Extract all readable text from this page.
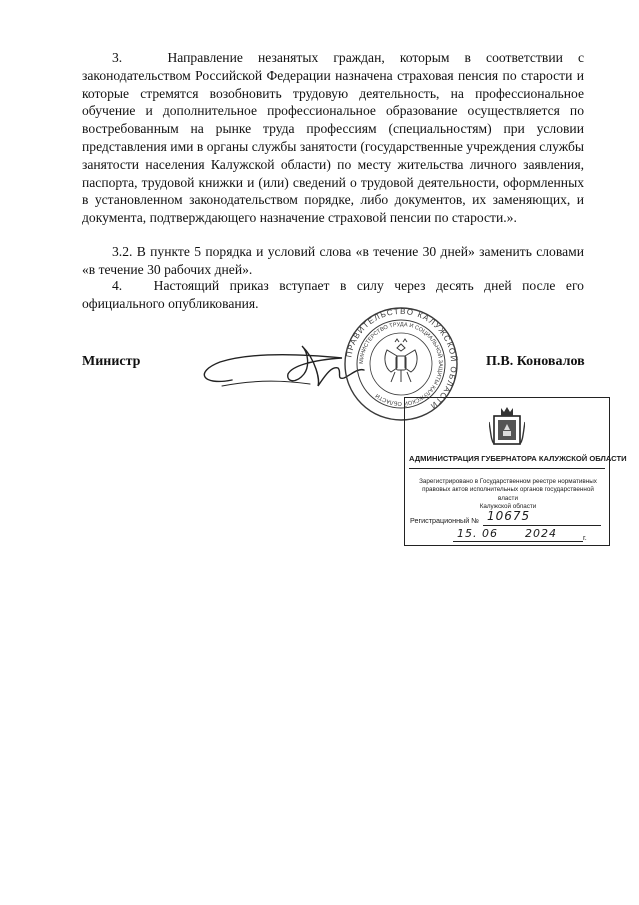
3.	Направление незанятых граждан, которым в соответствии с законодательством Российской Федерации назначена страховая пенсия по старости и которые стремятся возобновить трудовую деятельность, на профессиональное обучение и дополнительное профессиональное образование осуществляется по востребованным на рынке труда профессиям (специальностям) при условии представления ими в органы службы занятости (государственные учреждения службы занятости населения Калужской области) по месту жительства личного заявления, паспорта, трудовой книжки и (или) сведений о трудовой деятельности, оформленных в установленном законодательством порядке, либо документов, их заменяющих, и документа, подтверждающего назначение страховой пенсии по старости.».
3.2. В пункте 5 порядка и условий слова «в течение 30 дней» заменить словами «в течение 30 рабочих дней».
4. Настоящий приказ вступает в силу через десять дней после его официального опубликования.
Министр	П.В. Коновалов
ПРАВИТЕЛЬСТВО КАЛУЖСКОЙ ОБЛАСТИ
МИНИСТЕРСТВО ТРУДА И СОЦИАЛЬНОЙ ЗАЩИТЫ КАЛУЖСКОЙ ОБЛАСТИ
АДМИНИСТРАЦИЯ ГУБЕРНАТОРА КАЛУЖСКОЙ ОБЛАСТИ
Зарегистрировано в Государственном реестре нормативных
правовых актов исполнительных органов государственной власти
Калужской области
Регистрационный № 10675
15. 06 2024	г.
